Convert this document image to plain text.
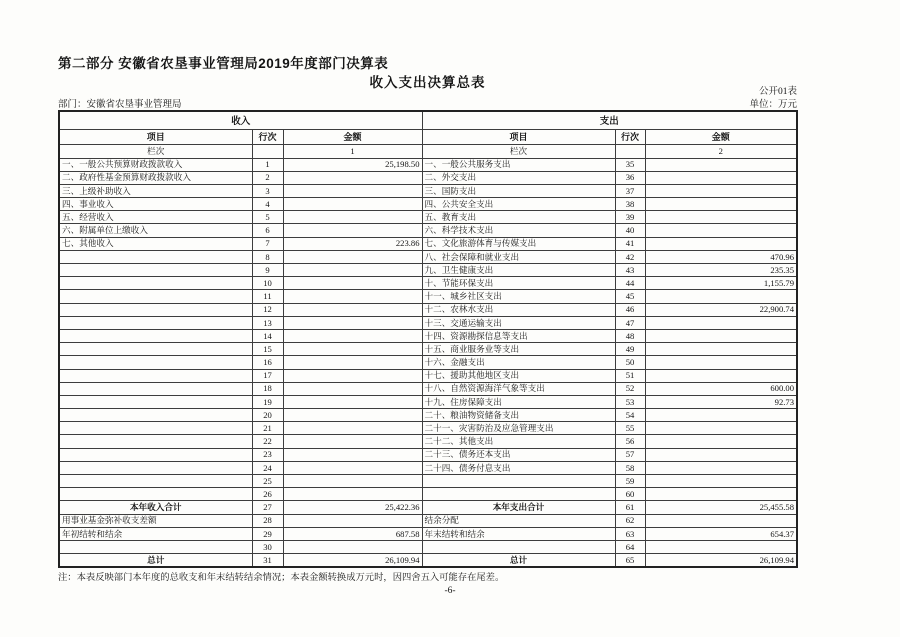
第二部分 安徽省农垦事业管理局2019年度部门决算表
收入支出决算总表
公开01表
部门：安徽省农垦事业管理局	单位：万元
收入			支出		
项目	行次	金额	项目	行次	金额
栏次		1	栏次		2
一、一般公共预算财政拨款收入	1	25,198.50	一、一般公共服务支出	35	
二、政府性基金预算财政拨款收入	2		二、外交支出	36	
三、上级补助收入	3		三、国防支出	37	
四、事业收入	4		四、公共安全支出	38	
五、经营收入	5		五、教育支出	39	
六、附属单位上缴收入	6		六、科学技术支出	40	
七、其他收入	7	223.86	七、文化旅游体育与传媒支出	41	
	8		八、社会保障和就业支出	42	470.96
	9		九、卫生健康支出	43	235.35
	10		十、节能环保支出	44	1,155.79
	11		十一、城乡社区支出	45	
	12		十二、农林水支出	46	22,900.74
	13		十三、交通运输支出	47	
	14		十四、资源勘探信息等支出	48	
	15		十五、商业服务业等支出	49	
	16		十六、金融支出	50	
	17		十七、援助其他地区支出	51	
	18		十八、自然资源海洋气象等支出	52	600.00
	19		十九、住房保障支出	53	92.73
	20		二十、粮油物资储备支出	54	
	21		二十一、灾害防治及应急管理支出	55	
	22		二十二、其他支出	56	
	23		二十三、债务还本支出	57	
	24		二十四、债务付息支出	58	
	25			59	
	26			60	
本年收入合计	27	25,422.36	本年支出合计	61	25,455.58
用事业基金弥补收支差额	28		结余分配	62	
年初结转和结余	29	687.58	年末结转和结余	63	654.37
	30			64	
总计	31	26,109.94	总计	65	26,109.94
注：本表反映部门本年度的总收支和年末结转结余情况；本表金额转换成万元时，因四舍五入可能存在尾差。
-6-
